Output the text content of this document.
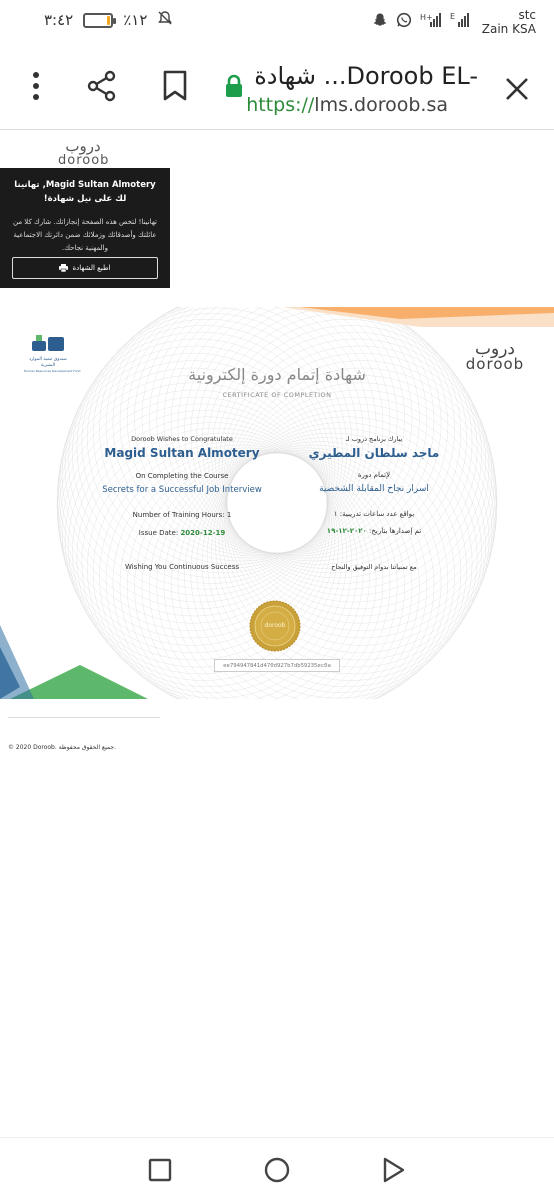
٣:٤٢	٪١٢	H+ E	stc
Zain KSA
شهادة ...Doroob EL-
https://lms.doroob.sa
دروب
doroob
Magid Sultan Almotery, تهانينا لك على نيل شهادة!
تهانينا! لتخص هذه الصفحة إنجازاتك. شارك كلا من عائلتك وأصدقائك وزملائك ضمن دائرتك الاجتماعية والمهنية نجاحك.
اطبع الشهادة
صندوق تنمية الموارد البشرية
Human Resources Development Fund
دروب
doroob
شهادة إتمام دورة إلكترونية
CERTIFICATE OF COMPLETION
Doroob Wishes to Congratulate
Magid Sultan Almotery
On Completing the Course
Secrets for a Successful Job Interview
Number of Training Hours: 1
Issue Date: 2020-12-19
Wishing You Continuous Success
يبارك برنامج دروب لـ
ماجد سلطان المطيري
لإتمام دورة
اسرار نجاح المقابلة الشخصية
بواقع عدد ساعات تدريبية: ١
تم إصدارها بتاريخ: ٢٠٢٠-١٢-١٩
مع تمنياتنا بدوام التوفيق والنجاح
doroob
ee794947841d470d927b7db59235ec0a
© 2020 Doroob. جميع الحقوق محفوظة.
